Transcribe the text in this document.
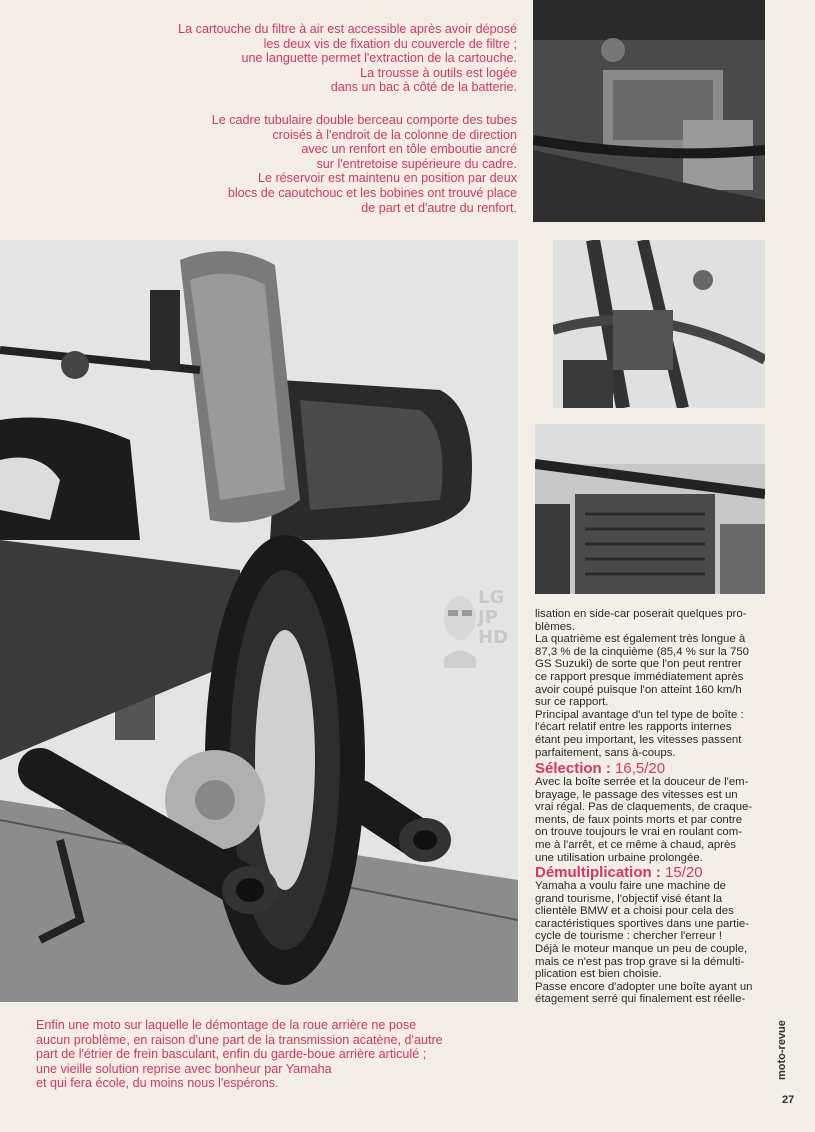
La cartouche du filtre à air est accessible après avoir déposé
les deux vis de fixation du couvercle de filtre ;
une languette permet l'extraction de la cartouche.
La trousse à outils est logée
dans un bac à côté de la batterie.
Le cadre tubulaire double berceau comporte des tubes
croisés à l'endroit de la colonne de direction
avec un renfort en tôle emboutie ancré
sur l'entretoise supérieure du cadre.
Le réservoir est maintenu en position par deux
blocs de caoutchouc et les bobines ont trouvé place
de part et d'autre du renfort.
LG
JP
HD
lisation en side-car poserait quelques pro-
blèmes.
La quatrième est également très longue à
87,3 % de la cinquième (85,4 % sur la 750
GS Suzuki) de sorte que l'on peut rentrer
ce rapport presque immédiatement après
avoir coupé puisque l'on atteint 160 km/h
sur ce rapport.
Principal avantage d'un tel type de boîte :
l'écart relatif entre les rapports internes
étant peu important, les vitesses passent
parfaitement, sans à-coups.
Sélection : 16,5/20
Avec la boîte serrée et la douceur de l'em-
brayage, le passage des vitesses est un
vrai régal. Pas de claquements, de craque-
ments, de faux points morts et par contre
on trouve toujours le vrai en roulant com-
me à l'arrêt, et ce même à chaud, après
une utilisation urbaine prolongée.
Démultiplication : 15/20
Yamaha a voulu faire une machine de
grand tourisme, l'objectif visé étant la
clientèle BMW et a choisi pour cela des
caractéristiques sportives dans une partie-
cycle de tourisme : chercher l'erreur !
Déjà le moteur manque un peu de couple,
mais ce n'est pas trop grave si la démulti-
plication est bien choisie.
Passe encore d'adopter une boîte ayant un
étagement serré qui finalement est réelle-
Enfin une moto sur laquelle le démontage de la roue arrière ne pose
aucun problème, en raison d'une part de la transmission acatène, d'autre
part de l'étrier de frein basculant, enfin du garde-boue arrière articulé ;
une vieille solution reprise avec bonheur par Yamaha
et qui fera école, du moins nous l'espérons.
moto-revue
27
